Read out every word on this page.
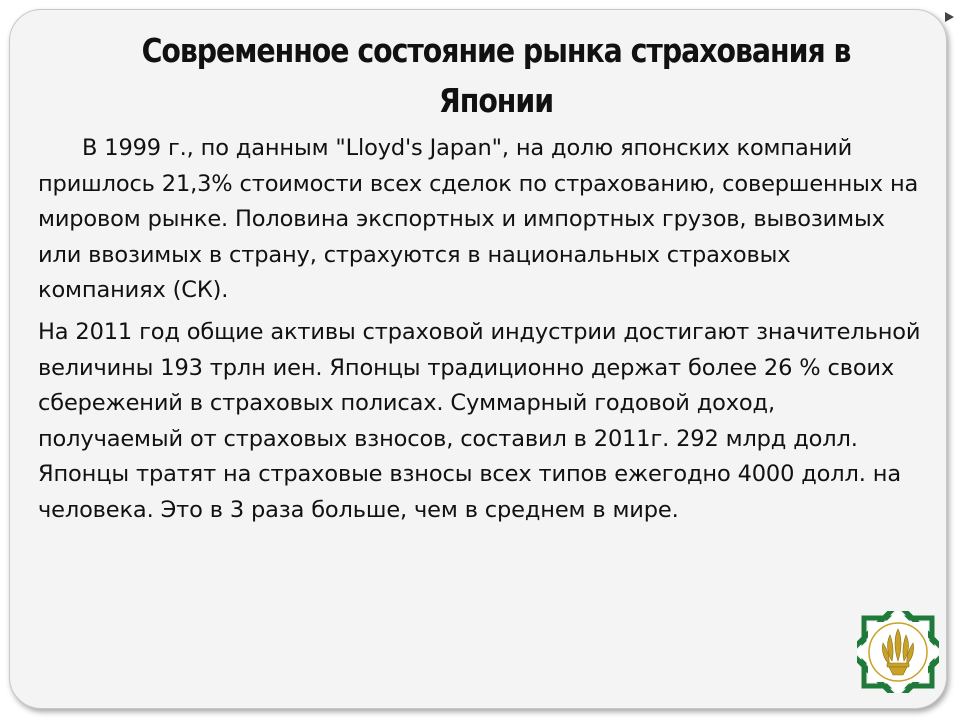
Современное состояние рынка страхования в Японии

В 1999 г., по данным "Lloyd's Japan", на долю японских компаний пришлось 21,3% стоимости всех сделок по страхованию, совершенных на мировом рынке. Половина экспортных и импортных грузов, вывозимых или ввозимых в страну, страхуются в национальных страховых компаниях (СК).

На 2011 год общие активы страховой индустрии достигают значительной величины 193 трлн иен. Японцы традиционно держат более 26 % своих сбережений в страховых полисах. Суммарный годовой доход, получаемый от страховых взносов, составил в 2011г. 292 млрд долл. Японцы тратят на страховые взносы всех типов ежегодно 4000 долл. на человека. Это в 3 раза больше, чем в среднем в мире.
